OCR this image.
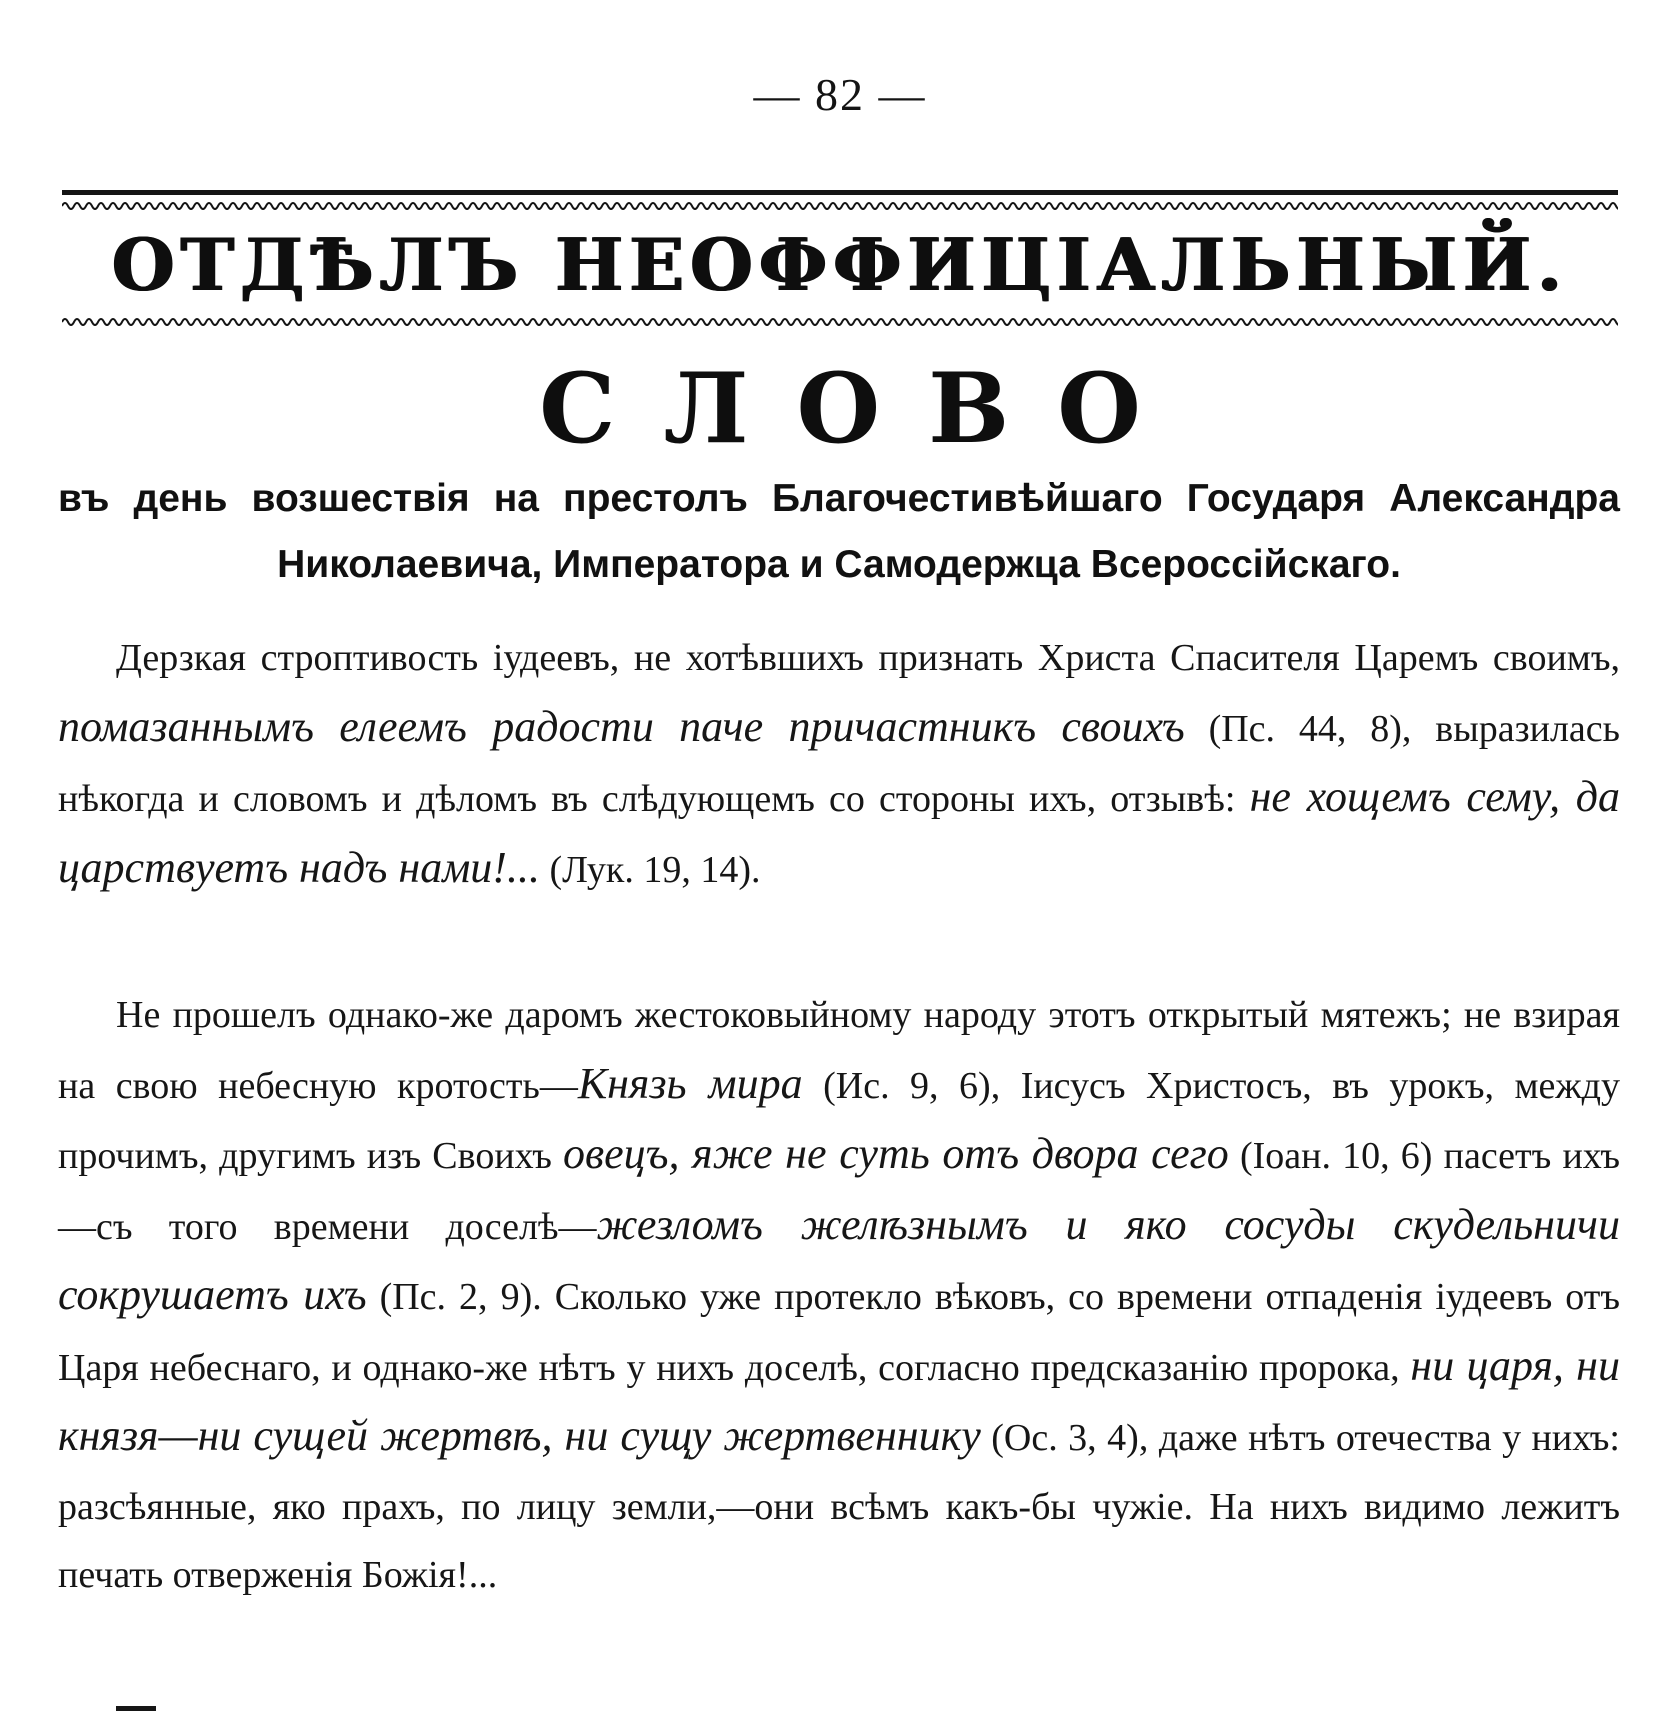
— 82 —
ОТДѢЛЪ НЕОФФИЦІАЛЬНЫЙ.
СЛОВО
въ день возшествія на престолъ Благочестивѣйшаго Государя Александра Николаевича, Императора и Самодержца Всероссійскаго.

Дерзкая строптивость іудеевъ, не хотѣвшихъ признать Христа Спасителя Царемъ своимъ, помазаннымъ елеемъ радости паче причастникъ своихъ (Пс. 44, 8), выразилась нѣкогда и словомъ и дѣломъ въ слѣдующемъ со стороны ихъ, отзывѣ: не хощемъ сему, да царствуетъ надъ нами!... (Лук. 19, 14).

Не прошелъ однако-же даромъ жестоковыйному народу этотъ открытый мятежъ; не взирая на свою небесную кротость—Князь мира (Ис. 9, 6), Іисусъ Христосъ, въ урокъ, между прочимъ, другимъ изъ Своихъ овецъ, яже не суть отъ двора сего (Іоан. 10, 6) пасетъ ихъ—съ того времени доселѣ—жезломъ желѣзнымъ и яко сосуды скудельничи сокрушаетъ ихъ (Пс. 2, 9). Сколько уже протекло вѣковъ, со времени отпаденія іудеевъ отъ Царя небеснаго, и однако-же нѣтъ у нихъ доселѣ, согласно предсказанію пророка, ни царя, ни князя—ни сущей жертвѣ, ни сущу жертвеннику (Ос. 3, 4), даже нѣтъ отечества у нихъ: разсѣянные, яко прахъ, по лицу земли,—они всѣмъ какъ-бы чужіе. На нихъ видимо лежитъ печать отверженія Божія!...
